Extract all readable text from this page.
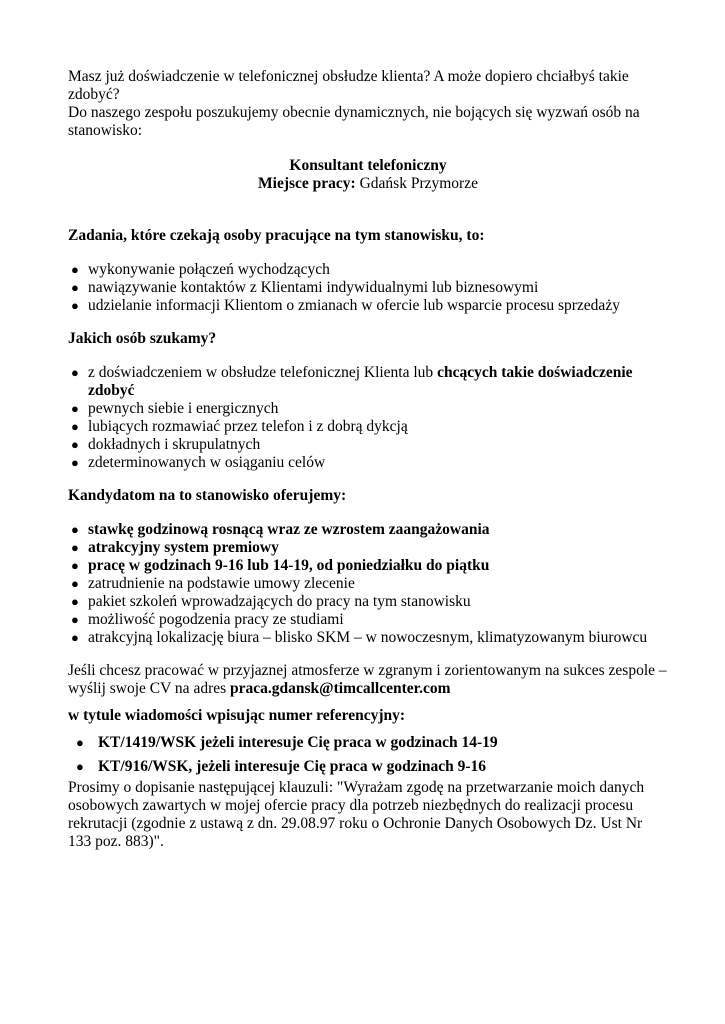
Masz już doświadczenie w telefonicznej obsłudze klienta? A może dopiero chciałbyś takie zdobyć?
Do naszego zespołu poszukujemy obecnie dynamicznych, nie bojących się wyzwań osób na stanowisko:

Konsultant telefoniczny

Miejsce pracy: Gdańsk Przymorze

Zadania, które czekają osoby pracujące na tym stanowisku, to:

● wykonywanie połączeń wychodzących
● nawiązywanie kontaktów z Klientami indywidualnymi lub biznesowymi
● udzielanie informacji Klientom o zmianach w ofercie lub wsparcie procesu sprzedaży

Jakich osób szukamy?

● z doświadczeniem w obsłudze telefonicznej Klienta lub chcących takie doświadczenie zdobyć
● pewnych siebie i energicznych
● lubiących rozmawiać przez telefon i z dobrą dykcją
● dokładnych i skrupulatnych
● zdeterminowanych w osiąganiu celów

Kandydatom na to stanowisko oferujemy:

● stawkę godzinową rosnącą wraz ze wzrostem zaangażowania
● atrakcyjny system premiowy
● pracę w godzinach 9-16 lub 14-19, od poniedziałku do piątku
● zatrudnienie na podstawie umowy zlecenie
● pakiet szkoleń wprowadzających do pracy na tym stanowisku
● możliwość pogodzenia pracy ze studiami
● atrakcyjną lokalizację biura – blisko SKM – w nowoczesnym, klimatyzowanym biurowcu

Jeśli chcesz pracować w przyjaznej atmosferze w zgranym i zorientowanym na sukces zespole – wyślij swoje CV na adres praca.gdansk@timcallcenter.com

w tytule wiadomości wpisując numer referencyjny:

● KT/1419/WSK jeżeli interesuje Cię praca w godzinach 14-19
● KT/916/WSK, jeżeli interesuje Cię praca w godzinach 9-16

Prosimy o dopisanie następującej klauzuli: "Wyrażam zgodę na przetwarzanie moich danych osobowych zawartych w mojej ofercie pracy dla potrzeb niezbędnych do realizacji procesu rekrutacji (zgodnie z ustawą z dn. 29.08.97 roku o Ochronie Danych Osobowych Dz. Ust Nr 133 poz. 883)".
